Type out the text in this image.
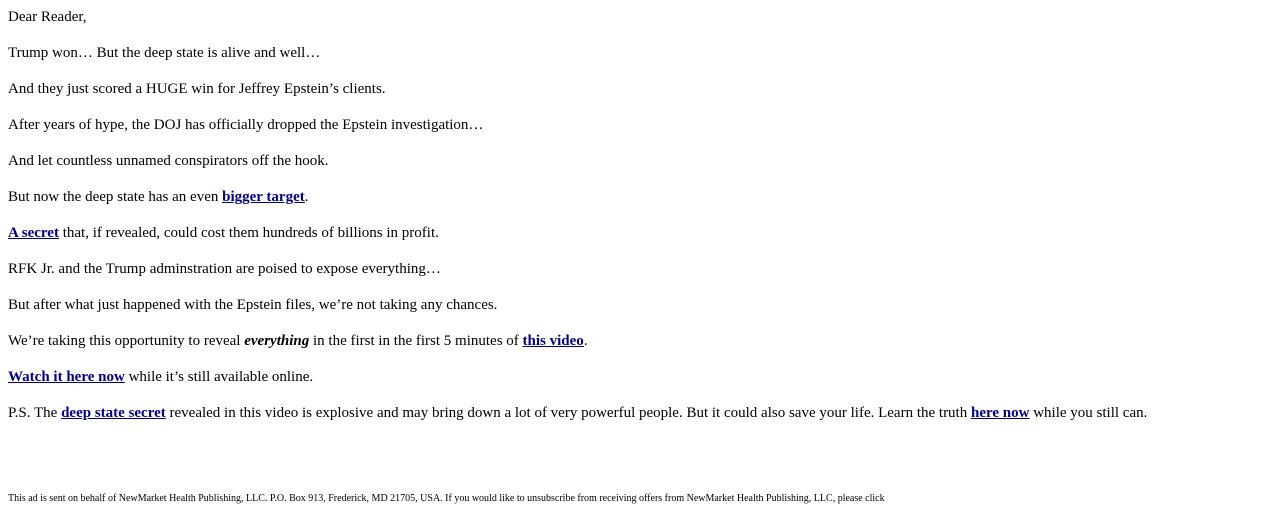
Dear Reader,

Trump won… But the deep state is alive and well…

And they just scored a HUGE win for Jeffrey Epstein’s clients.

After years of hype, the DOJ has officially dropped the Epstein investigation…

And let countless unnamed conspirators off the hook.

But now the deep state has an even bigger target.

A secret that, if revealed, could cost them hundreds of billions in profit.

RFK Jr. and the Trump adminstration are poised to expose everything…

But after what just happened with the Epstein files, we’re not taking any chances.

We’re taking this opportunity to reveal everything in the first in the first 5 minutes of this video.

Watch it here now while it’s still available online.

P.S. The deep state secret revealed in this video is explosive and may bring down a lot of very powerful people. But it could also save your life. Learn the truth here now while you still can.

This ad is sent on behalf of NewMarket Health Publishing, LLC. P.O. Box 913, Frederick, MD 21705, USA. If you would like to unsubscribe from receiving offers from NewMarket Health Publishing, LLC, please click
